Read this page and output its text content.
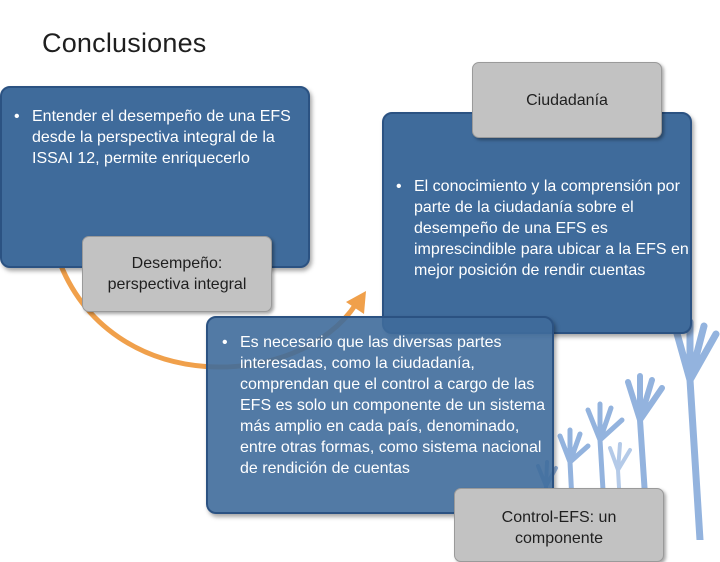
Conclusiones
• Entender el desempeño de una EFS desde la perspectiva integral de la ISSAI 12, permite enriquecerlo
• El conocimiento y la comprensión por parte de la ciudadanía sobre el desempeño de una EFS es imprescindible para ubicar a la EFS en mejor posición de rendir cuentas
• Es necesario que las diversas partes interesadas, como la ciudadanía, comprendan que el control a cargo de las EFS es solo un componente de un sistema más amplio en cada país, denominado, entre otras formas, como sistema nacional de rendición de cuentas
Desempeño: perspectiva integral
Ciudadanía
Control-EFS: un componente
